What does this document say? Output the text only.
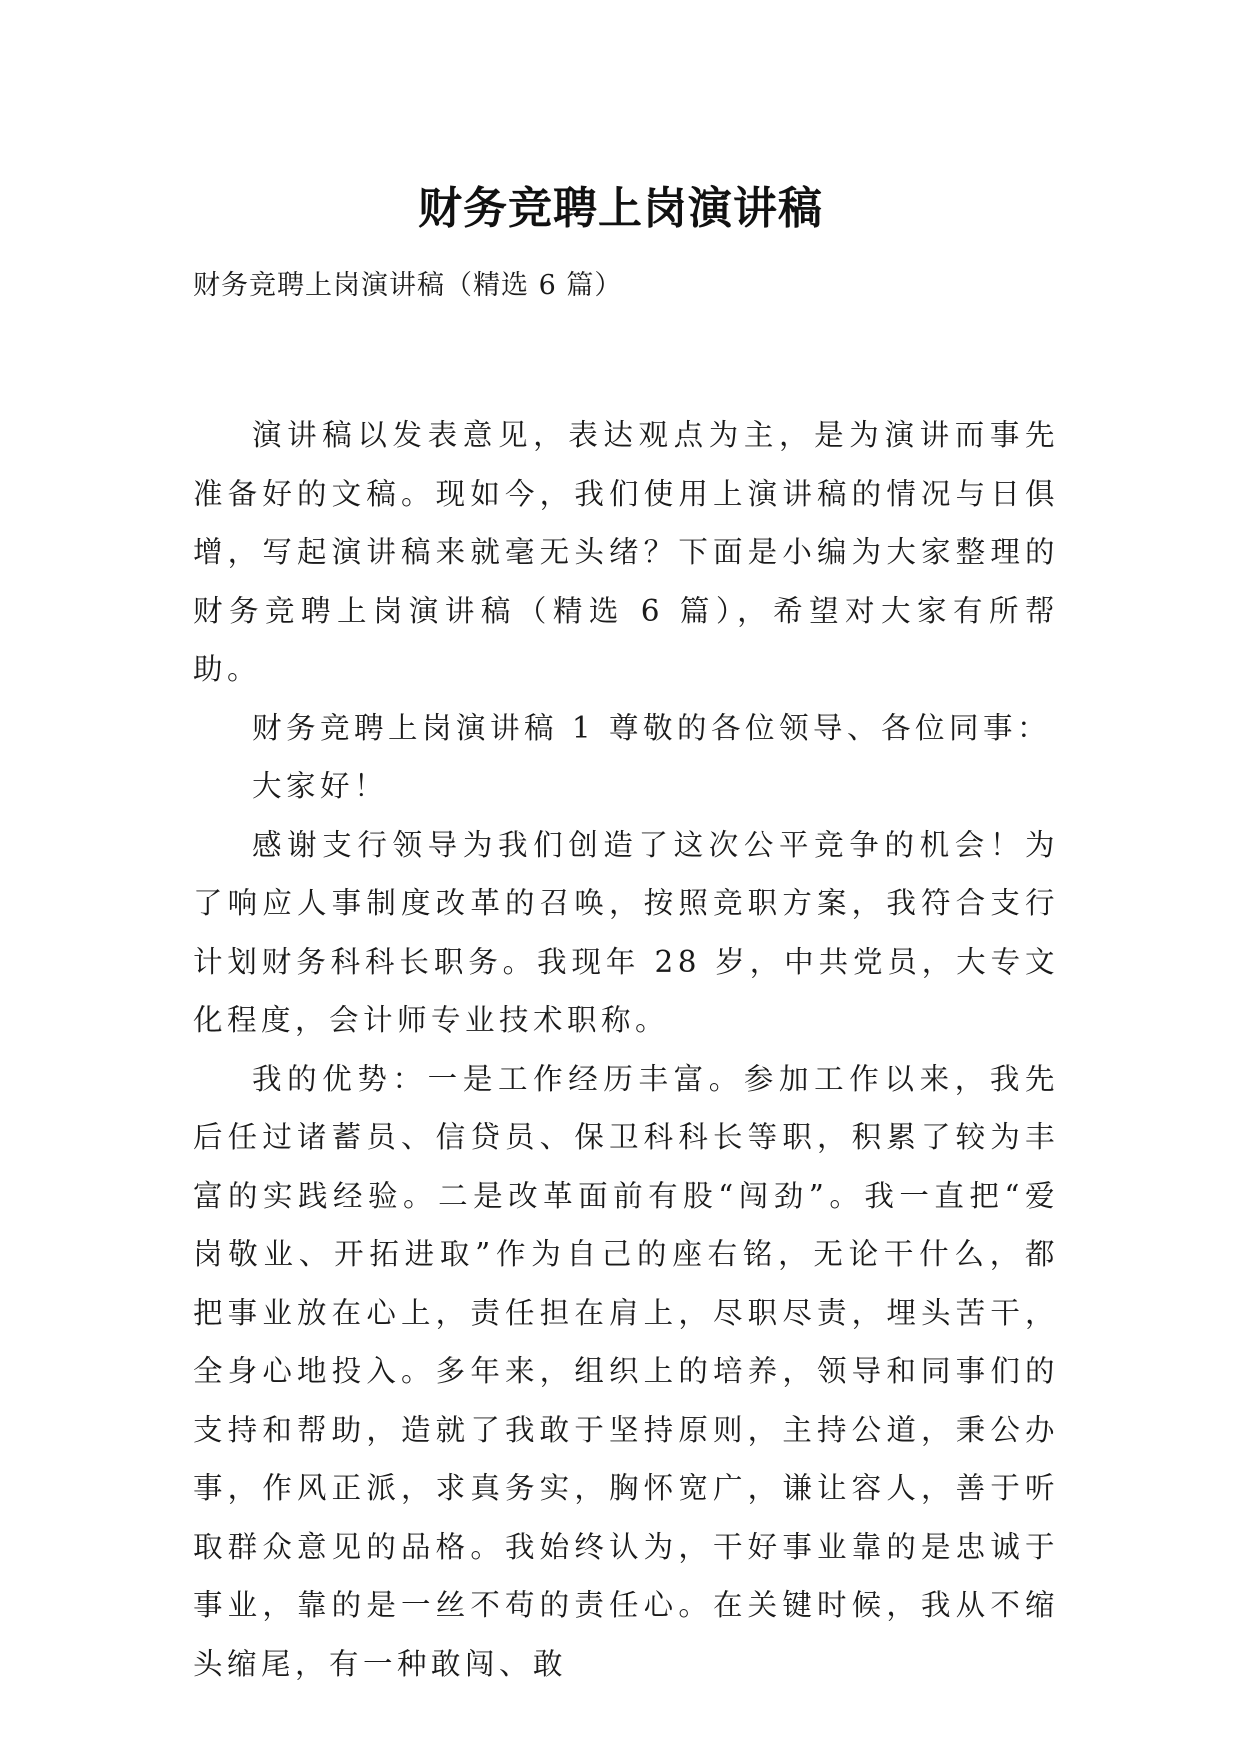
财务竞聘上岗演讲稿
财务竞聘上岗演讲稿（精选 6 篇）

演讲稿以发表意见，表达观点为主，是为演讲而事先准备好的文稿。现如今，我们使用上演讲稿的情况与日俱增，写起演讲稿来就毫无头绪？下面是小编为大家整理的财务竞聘上岗演讲稿（精选 6 篇），希望对大家有所帮助。

财务竞聘上岗演讲稿 1 尊敬的各位领导、各位同事：

大家好！

感谢支行领导为我们创造了这次公平竞争的机会！为了响应人事制度改革的召唤，按照竞职方案，我符合支行计划财务科科长职务。我现年 28 岁，中共党员，大专文化程度，会计师专业技术职称。

我的优势：一是工作经历丰富。参加工作以来，我先后任过诸蓄员、信贷员、保卫科科长等职，积累了较为丰富的实践经验。二是改革面前有股“闯劲”。我一直把“爱岗敬业、开拓进取”作为自己的座右铭，无论干什么，都把事业放在心上，责任担在肩上，尽职尽责，埋头苦干，全身心地投入。多年来，组织上的培养，领导和同事们的支持和帮助，造就了我敢于坚持原则，主持公道，秉公办事，作风正派，求真务实，胸怀宽广，谦让容人，善于听取群众意见的品格。我始终认为，干好事业靠的是忠诚于事业，靠的是一丝不苟的责任心。在关键时候，我从不缩头缩尾，有一种敢闯、敢
